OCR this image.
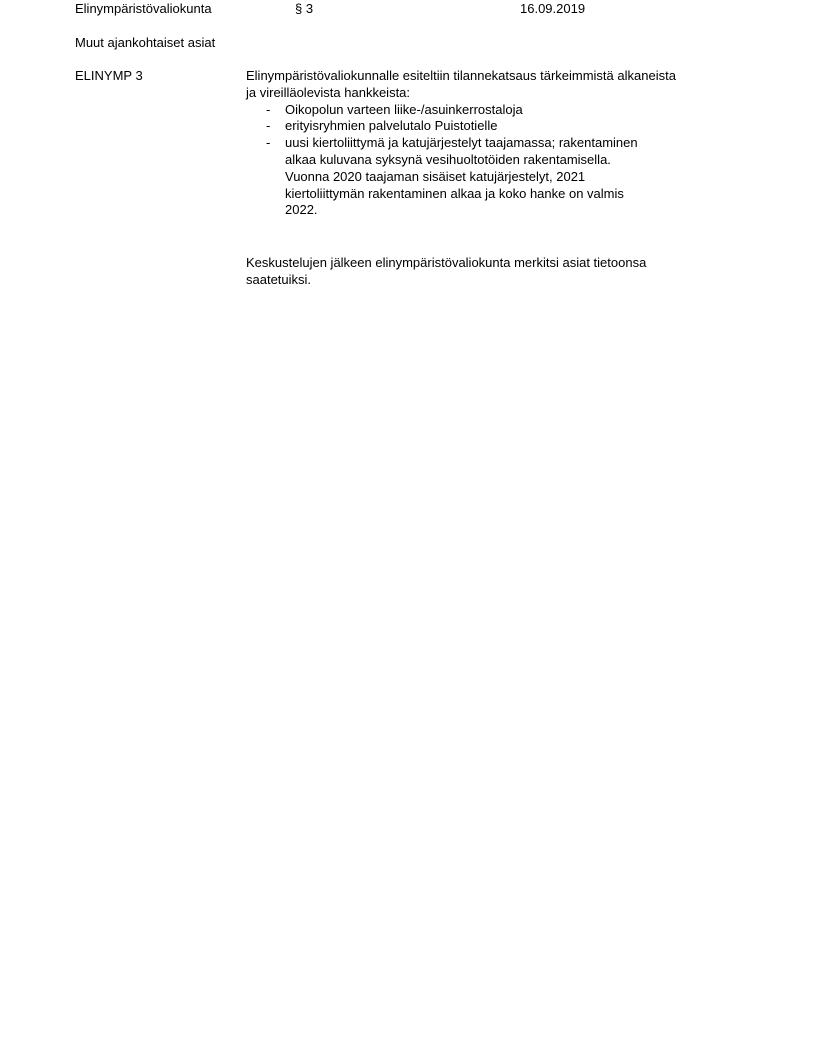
Elinympäristövaliokunta	§ 3	16.09.2019
Muut ajankohtaiset asiat
ELINYMP 3	Elinympäristövaliokunnalle esiteltiin tilannekatsaus tärkeimmistä alkaneista
ja vireilläolevista hankkeista:
-	Oikopolun varteen liike-/asuinkerrostaloja
-	erityisryhmien palvelutalo Puistotielle
-	uusi kiertoliittymä ja katujärjestelyt taajamassa; rakentaminen
alkaa kuluvana syksynä vesihuoltotöiden rakentamisella.
Vuonna 2020 taajaman sisäiset katujärjestelyt, 2021
kiertoliittymän rakentaminen alkaa ja koko hanke on valmis
2022.
Keskustelujen jälkeen elinympäristövaliokunta merkitsi asiat tietoonsa
saatetuiksi.
